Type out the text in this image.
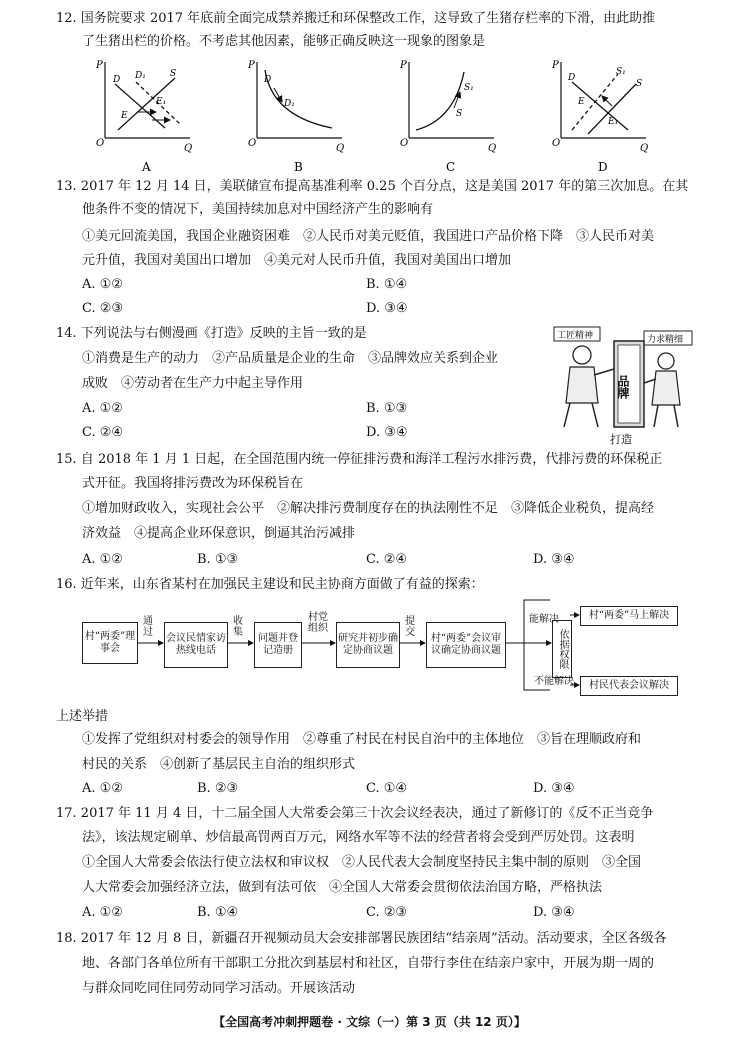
12. 国务院要求 2017 年底前全面完成禁养搬迁和环保整改工作，这导致了生猪存栏率的下滑，由此助推
了生猪出栏的价格。不考虑其他因素，能够正确反映这一现象的图象是
P
O	Q
D D₁	S
E
E₁
A
P
O	Q
D
D₁
B
P
O	Q
S₁
S
C
P
O	Q
D
S₁
S
E
E₁
D
13. 2017 年 12 月 14 日，美联储宣布提高基准利率 0.25 个百分点，这是美国 2017 年的第三次加息。在其
他条件不变的情况下，美国持续加息对中国经济产生的影响有
①美元回流美国，我国企业融资困难　②人民币对美元贬值，我国进口产品价格下降　③人民币对美
元升值，我国对美国出口增加　④美元对人民币升值，我国对美国出口增加
A. ①②	B. ①④
C. ②③	D. ③④
14. 下列说法与右侧漫画《打造》反映的主旨一致的是
①消费是生产的动力　②产品质量是企业的生命　③品牌效应关系到企业
成败　④劳动者在生产力中起主导作用
A. ①②	B. ①③
C. ②④	D. ③④
工匠精神	力求精细
品牌
打造
15. 自 2018 年 1 月 1 日起，在全国范围内统一停征排污费和海洋工程污水排污费，代排污费的环保税正
式开征。我国将排污费改为环保税旨在
①增加财政收入，实现社会公平　②解决排污费制度存在的执法刚性不足　③降低企业税负，提高经
济效益　④提高企业环保意识，倒逼其治污减排
A. ①②	B. ①③	C. ②④	D. ③④
16. 近年来，山东省某村在加强民主建设和民主协商方面做了有益的探索：
村“两委”理事会
通过
会议民情家访热线电话
收集
问题并登记造册
村党组织
研究并初步确定协商议题
提交
村“两委”会议审议确定协商议题
能解决
不能解决
依据权限
村“两委”马上解决
村民代表会议解决
上述举措
①发挥了党组织对村委会的领导作用　②尊重了村民在村民自治中的主体地位　③旨在理顺政府和
村民的关系　④创新了基层民主自治的组织形式
A. ①②	B. ②③	C. ①④	D. ③④
17. 2017 年 11 月 4 日，十二届全国人大常委会第三十次会议经表决，通过了新修订的《反不正当竞争
法》，该法规定刷单、炒信最高罚两百万元，网络水军等不法的经营者将会受到严厉处罚。这表明
①全国人大常委会依法行使立法权和审议权　②人民代表大会制度坚持民主集中制的原则　③全国
人大常委会加强经济立法，做到有法可依　④全国人大常委会贯彻依法治国方略，严格执法
A. ①②	B. ①④	C. ②③	D. ③④
18. 2017 年 12 月 8 日，新疆召开视频动员大会安排部署民族团结“结亲周”活动。活动要求，全区各级各
地、各部门各单位所有干部职工分批次到基层村和社区，自带行李住在结亲户家中，开展为期一周的
与群众同吃同住同劳动同学习活动。开展该活动
【全国高考冲刺押题卷 · 文综（一）第 3 页（共 12 页）】
